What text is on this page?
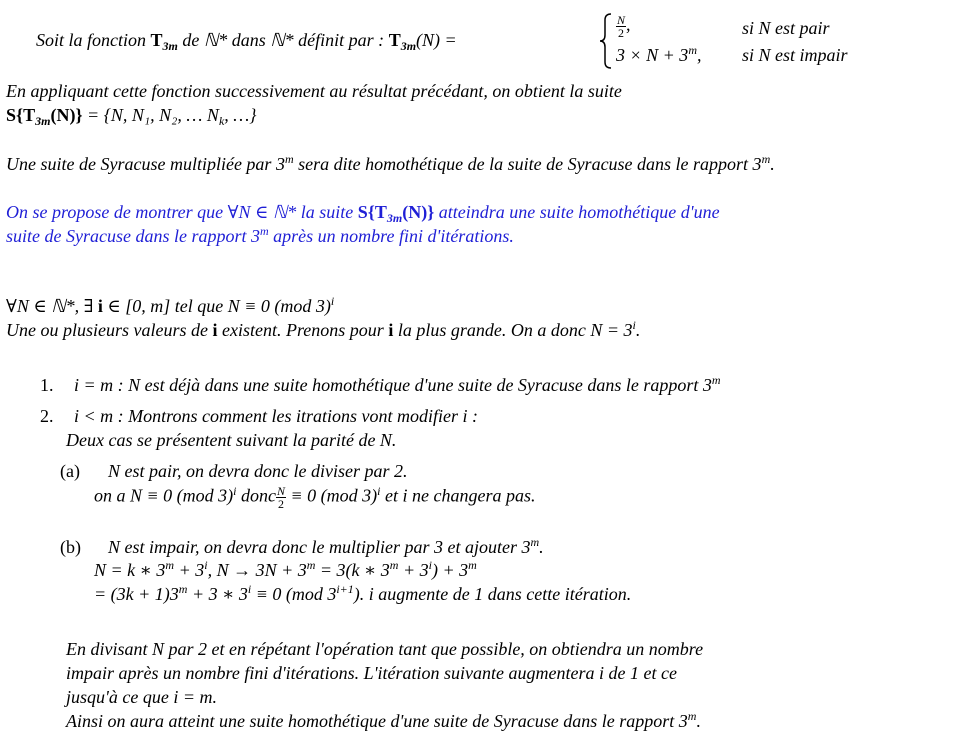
Soit la fonction $T_{3m}$ de ℕ* dans ℕ* définit par : $T_{3m}(N)$ =
$\frac{N}{2}$ ,	si N est pair
$3 \times N + 3^m$, si N est impair
En appliquant cette fonction successivement au résultat précédant, on obtient la suite
$S\{T_{3m}(N)\} = \{N$, N₁, N₂, … $N_k$, …}
Une suite de Syracuse multipliée par 3$^m$ sera dite homothétique de la suite de Syracuse dans le rapport 3$^m$.
On se propose de montrer que ∀N ∈ ℕ* la suite $S\{T_{3m}(N)\}$ atteindra une suite homothétique d'une
suite de Syracuse dans le rapport 3$^m$ après un nombre fini d'itérations.
∀N ∈ ℕ*, ∃ i ∈ [0, m] tel que N ≡ 0 (mod 3)$^i$
Une ou plusieurs valeurs de i existent. Prenons pour i la plus grande. On a donc $N = 3^i$.
1. i = m : N est déjà dans une suite homothétique d'une suite de Syracuse dans le rapport 3$^m$
2. i < m : Montrons comment les itrations vont modifier i :
Deux cas se présentent suivant la parité de N.
(a) N est pair, on devra donc le diviser par 2.
on a N ≡ 0 (mod 3)$^i$ donc $\frac{N}{2} \equiv 0$ (mod 3)$^i$ et i ne changera pas.
(b) N est impair, on devra donc le multiplier par 3 et ajouter 3$^m$.
N = k ∗ $3^m + 3^i$, $N \to 3N + 3^m = 3(k$ ∗ $3^m + 3^i) + 3^m$
= $(3k + 1)3^m + 3$ ∗ $3^i \equiv 0$ (mod $3^{i+1}$). i augmente de 1 dans cette itération.
En divisant N par 2 et en répétant l'opération tant que possible, on obtiendra un nombre
impair après un nombre fini d'itérations. L'itération suivante augmentera i de 1 et ce
jusqu'à ce que i = m.
Ainsi on aura atteint une suite homothétique d'une suite de Syracuse dans le rapport 3$^m$.
